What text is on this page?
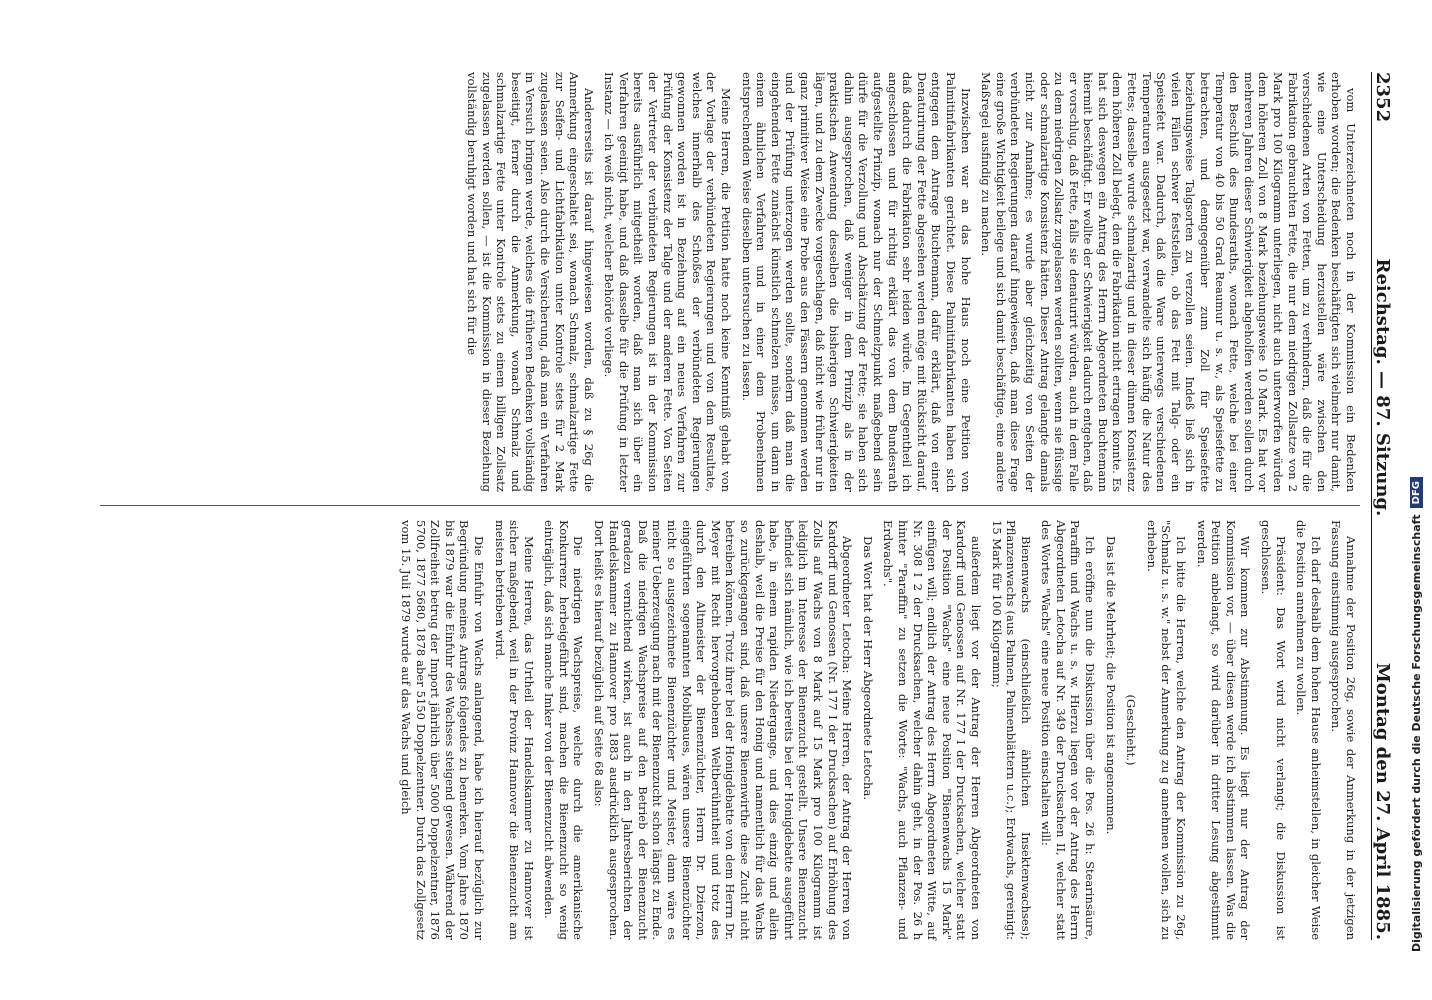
2352
Reichstag. — 87. Sitzung.
Montag den 27. April 1885.

vom Unterzeichneten noch in der Kommission ein Bedenken erhoben worden; die Bedenken beschäftigten sich vielmehr nur damit, wie eine Unterscheidung herzustellen wäre zwischen den verschiedenen Arten von Fetten, um zu verhindern, daß die für die Fabrikation gebrauchten Fette, die nur dem niedrigen Zollsatze von 2 Mark pro 100 Kilogramm unterliegen, nicht auch unterworfen würden dem höheren Zoll von 8 Mark beziehungsweise 10 Mark. Es hat vor mehreren Jahren dieser Schwierigkeit abgeholfen werden sollen durch den Beschluß des Bundesraths, wonach Fette, welche bei einer Temperatur von 40 bis 50 Grad Reaumur u. s. w., als Speisefette zu betrachten, und demgegenüber zum Zoll für Speisefette beziehungsweise Talgsorten zu verzollen seien. Indeß ließ sich in vielen Fällen schwer feststellen, ob das Fett mit Talg- oder ein Speisefett war. Dadurch, daß die Ware unterwegs verschiedenen Temperaturen ausgesetzt war, verwandelte sich häufig die Natur des Fettes; dasselbe wurde schmalzartig und in dieser dünnen Konsistenz dem höheren Zoll belegt, den die Fabrikation nicht ertragen konnte. Es hat sich deswegen ein Antrag des Herrn Abgeordneten Buchtemann hiermit beschäftigt. Er wollte der Schwierigkeit dadurch entgehen, daß er vorschlug, daß Fette, falls sie denaturirt würden, auch in dem Falle zu dem niedrigen Zollsatz zugelassen werden sollten, wenn sie flüssige oder schmalzartige Konsistenz hätten. Dieser Antrag gelangte damals nicht zur Annahme; es wurde aber gleichzeitig von Seiten der verbündeten Regierungen darauf hingewiesen, daß man diese Frage eine große Wichtigkeit beilege und sich damit beschäftige, eine andere Maßregel ausfindig zu machen.

Inzwischen war an das hohe Haus noch eine Petition von Palmitinfabrikanten gerichtet. Diese Palmitinfabrikanten haben sich entgegen dem Antrage Buchtemann, dafür erklärt, daß von einer Denaturirung der Fette abgesehen werden möge mit Rücksicht darauf, daß dadurch die Fabrikation sehr leiden würde. Im Gegentheil ich angeschlossen und für richtig erklärt das von dem Bundesrath aufgestellte Prinzip, wonach nur der Schmelzpunkt maßgebend sein dürfe für die Verzollung und Abschätzung der Fette; sie haben sich dahin ausgesprochen, daß weniger in dem Prinzip als in der praktischen Anwendung desselben die bisherigen Schwierigkeiten lägen, und zu dem Zwecke vorgeschlagen, daß nicht wie früher nur in ganz primitiver Weise eine Probe aus den Fässern genommen werden und der Prüfung unterzogen werden sollte, sondern daß man die eingehenden Fette zunächst künstlich schmelzen müsse, um dann in einem ähnlichen Verfahren und in einer dem Probenehmen entsprechenden Weise dieselben untersuchen zu lassen.

Meine Herren, die Petition hatte noch keine Kenntniß gehabt von der Vorlage der verbündeten Regierungen und von dem Resultate, welches innerhalb des Schoßes der verbündeten Regierungen gewonnen worden ist in Beziehung auf ein neues Verfahren zur Prüfung der Konsistenz der Talge und der anderen Fette. Von Seiten der Vertreter der verbündeten Regierungen ist in der Kommission bereits ausführlich mitgetheilt worden, daß man sich über ein Verfahren geeinigt habe, und daß dasselbe für die Prüfung in letzter Instanz — ich weiß nicht, welcher Behörde vorliege.

Andererseits ist darauf hingewiesen worden, daß zu § 26g die Anmerkung eingeschaltet sei, wonach Schmalz, schmalzartige Fette zur Seifen- und Lichtfabrikation unter Kontrole stets für 2 Mark zugelassen seien. Also durch die Versicherung, daß man ein Verfahren in Versuch bringen werde, welches die früheren Bedenken vollständig beseitigt, ferner durch die Anmerkung, wonach Schmalz und schmalzartige Fette unter Kontrole stets zu einem billigen Zollsatz zugelassen werden sollen, — ist die Kommission in dieser Beziehung vollständig beruhigt worden und hat sich für die

Annahme der Position 26g, sowie der Anmerkung in der jetzigen Fassung einstimmig ausgesprochen.

Ich darf deshalb dem hohen Hause anheimstellen, in gleicher Weise die Position annehmen zu wollen.

Präsident: Das Wort wird nicht verlangt; die Diskussion ist geschlossen.

Wir kommen zur Abstimmung. Es liegt nur der Antrag der Kommission vor, — über diesen werde ich abstimmen lassen. Was die Petition anbelangt, so wird darüber in dritter Lesung abgestimmt werden.

Ich bitte die Herren, welche den Antrag der Kommission zu 26g, "Schmalz u. s. w." nebst der Anmerkung zu g annehmen wollen, sich zu erheben.

(Geschieht.)

Das ist die Mehrheit; die Position ist angenommen.

Ich eröffne nun die Diskussion über die Pos. 26 h: Stearinsäure, Paraffin und Wachs u. s. w. Hierzu liegen vor der Antrag des Herrn Abgeordneten Letocha auf Nr. 349 der Drucksachen II, welcher statt des Wortes "Wachs" eine neue Position einschalten will:

Bienenwachs (einschließlich ähnlichen Insektenwachses); Pflanzenwachs (aus Palmen, Palmenblättern u.c.); Erdwachs, gereinigt: 15 Mark für 100 Kilogramm;

außerdem liegt vor der Antrag der Herren Abgeordneten von Kardorff und Genossen auf Nr. 177 I der Drucksachen, welcher statt der Position "Wachs" eine neue Position "Bienenwachs 15 Mark" einfügen will; endlich der Antrag des Herrn Abgeordneten Witte, auf Nr. 308 I 2 der Drucksachen, welcher dahin geht, in der Pos. 26 h hinter "Paraffin" zu setzen die Worte: "Wachs, auch Pflanzen- und Erdwachs".

Das Wort hat der Herr Abgeordnete Letocha.

Abgeordneter Letocha: Meine Herren, der Antrag der Herren von Kardorff und Genossen (Nr. 177 I der Drucksachen) auf Erhöhung des Zolls auf Wachs von 8 Mark auf 15 Mark pro 100 Kilogramm ist lediglich im Interesse der Bienenzucht gestellt. Unsere Bienenzucht befindet sich nämlich, wie ich bereits bei der Honigdebatte ausgeführt habe, in einem rapiden Niedergange, und dies einzig und allein deshalb, weil die Preise für den Honig und namentlich für das Wachs so zurückgegangen sind, daß unsere Bienenwirthe diese Zucht nicht betreiben können. Trotz ihrer bei der Honigdebatte von dem Herrn Dr. Meyer mit Recht hervorgehobenen Weltberühmtheit und trotz des durch den Altmeister der Bienenzüchter, Herrn Dr. Dzierzon, eingeführten sogenannten Mobilbaues, wären unsere Bienenzüchter nicht so ausgezeichnete Bienenzüchter und Meister, dann wäre es meiner Ueberzeugung nach mit der Bienenzucht schon längst zu Ende. Daß die niedrigen Wachspreise auf den Betrieb der Bienenzucht geradezu vernichtend wirken, ist auch in den Jahresberichten der Handelskammer zu Hannover pro 1883 ausdrücklich ausgesprochen. Dort heißt es hierauf bezüglich auf Seite 68 also:

Die niedrigen Wachspreise, welche durch die amerikanische Konkurrenz herbeigeführt sind, machen die Bienenzucht so wenig einträglich, daß sich manche Imker von der Bienenzucht abwenden.

Meine Herren, das Urtheil der Handelskammer zu Hannover ist sicher maßgebend, weil in der Provinz Hannover die Bienenzucht am meisten betrieben wird.

Die Einfuhr von Wachs anlangend, habe ich hierauf bezüglich zur Begründung meines Antrags folgendes zu bemerken. Vom Jahre 1870 bis 1879 war die Einfuhr des Wachses steigend gewesen. Während der Zollfreiheit betrug der Import jährlich über 5000 Doppelzentner, 1876 5700, 1877 5680, 1878 aber 5150 Doppelzentner. Durch das Zollgesetz vom 15. Juli 1879 wurde auf das Wachs und gleich	Digitalisierung gefördert durch die Deutsche Forschungsgemeinschaft
DFG
